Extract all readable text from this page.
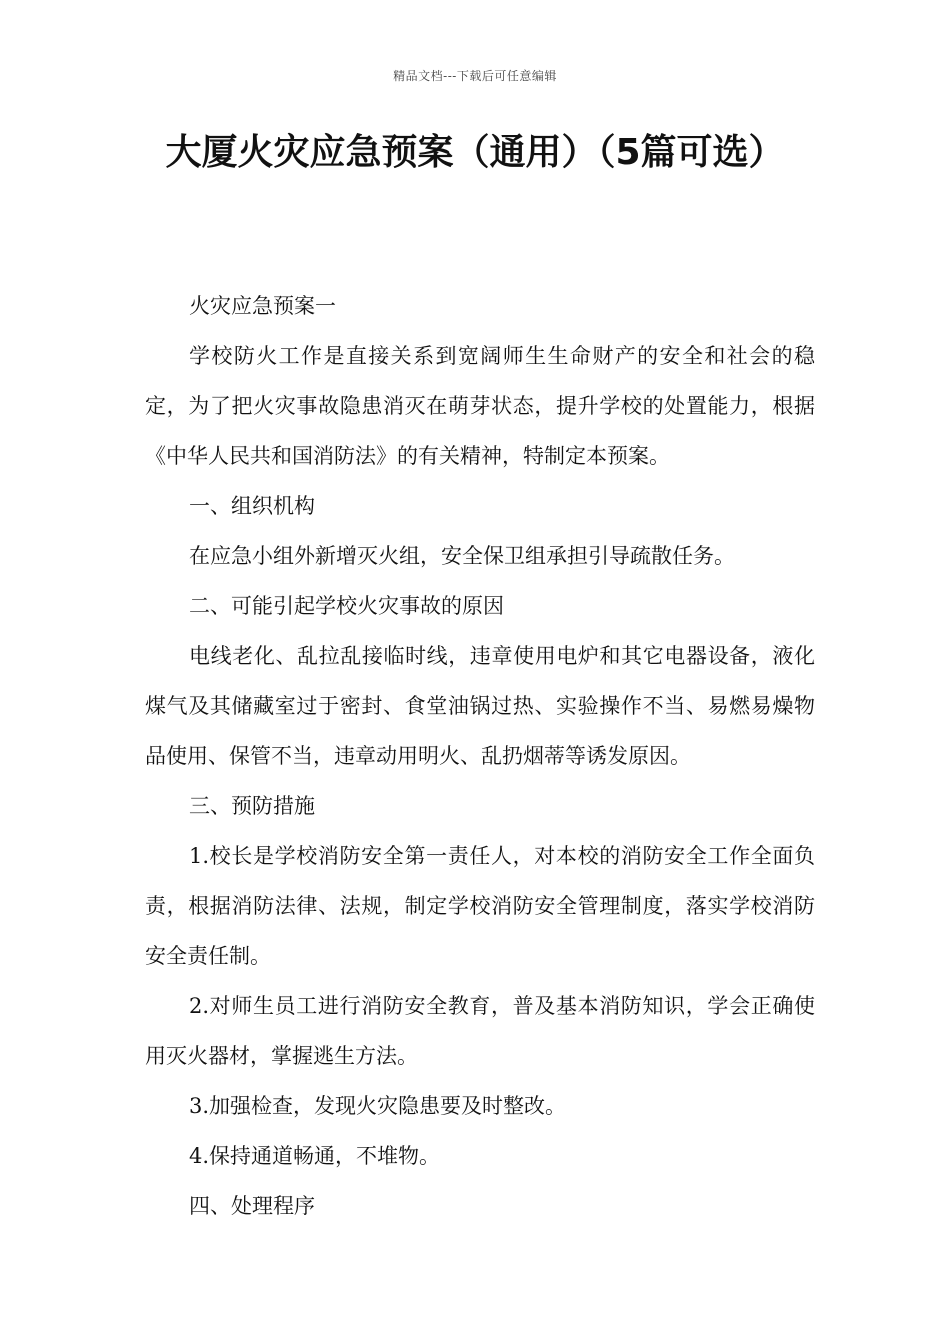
精品文档---下载后可任意编辑
大厦火灾应急预案（通用）（5篇可选）

火灾应急预案一

学校防火工作是直接关系到宽阔师生生命财产的安全和社会的稳定，为了把火灾事故隐患消灭在萌芽状态，提升学校的处置能力，根据《中华人民共和国消防法》的有关精神，特制定本预案。

一、组织机构

在应急小组外新增灭火组，安全保卫组承担引导疏散任务。

二、可能引起学校火灾事故的原因

电线老化、乱拉乱接临时线，违章使用电炉和其它电器设备，液化煤气及其储藏室过于密封、食堂油锅过热、实验操作不当、易燃易燥物品使用、保管不当，违章动用明火、乱扔烟蒂等诱发原因。

三、预防措施

1.校长是学校消防安全第一责任人，对本校的消防安全工作全面负责，根据消防法律、法规，制定学校消防安全管理制度，落实学校消防安全责任制。

2.对师生员工进行消防安全教育，普及基本消防知识，学会正确使用灭火器材，掌握逃生方法。

3.加强检查，发现火灾隐患要及时整改。

4.保持通道畅通，不堆物。

四、处理程序
